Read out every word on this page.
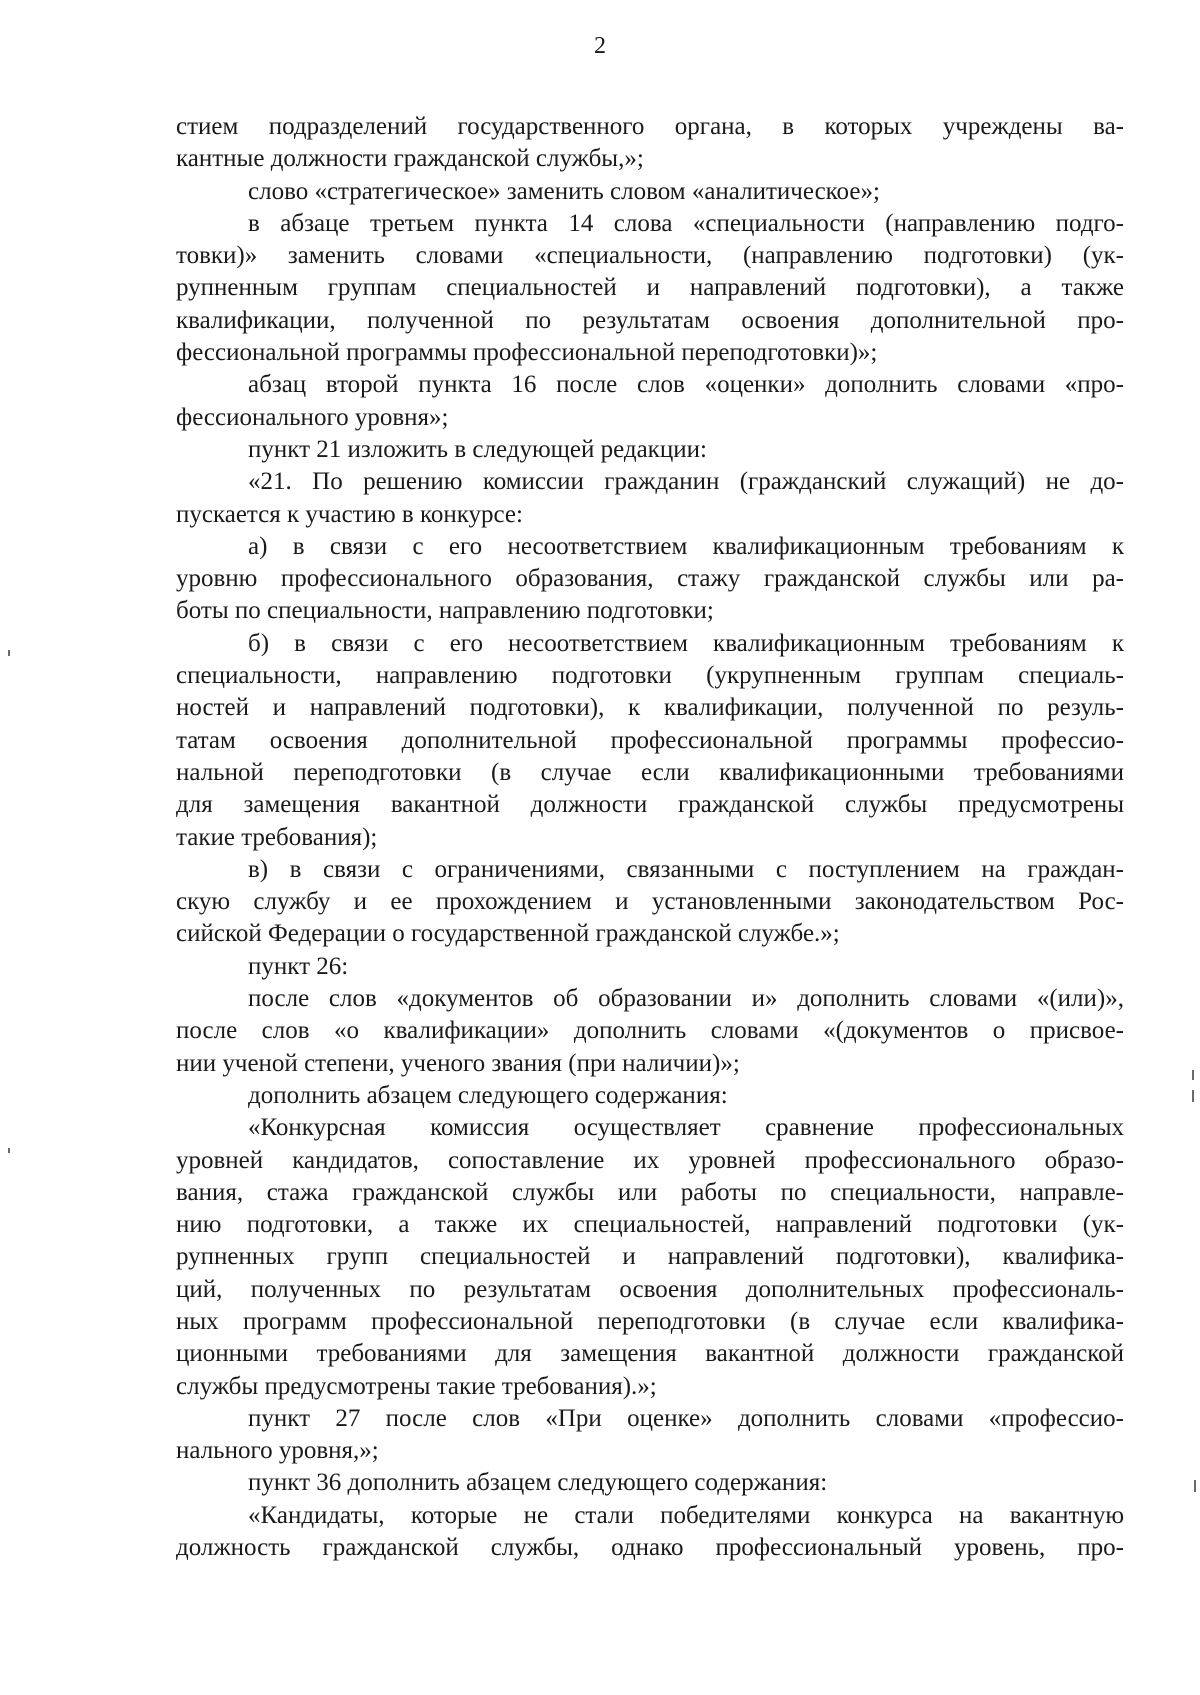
2
стием подразделений государственного органа, в которых учреждены ва-
кантные должности гражданской службы,»;
слово «стратегическое» заменить словом «аналитическое»;
в абзаце третьем пункта 14 слова «специальности (направлению подго-
товки)» заменить словами «специальности, (направлению подготовки) (ук-
рупненным группам специальностей и направлений подготовки), а также
квалификации, полученной по результатам освоения дополнительной про-
фессиональной программы профессиональной переподготовки)»;
абзац второй пункта 16 после слов «оценки» дополнить словами «про-
фессионального уровня»;
пункт 21 изложить в следующей редакции:
«21. По решению комиссии гражданин (гражданский служащий) не до-
пускается к участию в конкурсе:
а) в связи с его несоответствием квалификационным требованиям к
уровню профессионального образования, стажу гражданской службы или ра-
боты по специальности, направлению подготовки;
б) в связи с его несоответствием квалификационным требованиям к
специальности, направлению подготовки (укрупненным группам специаль-
ностей и направлений подготовки), к квалификации, полученной по резуль-
татам освоения дополнительной профессиональной программы профессио-
нальной переподготовки (в случае если квалификационными требованиями
для замещения вакантной должности гражданской службы предусмотрены
такие требования);
в) в связи с ограничениями, связанными с поступлением на граждан-
скую службу и ее прохождением и установленными законодательством Рос-
сийской Федерации о государственной гражданской службе.»;
пункт 26:
после слов «документов об образовании и» дополнить словами «(или)»,
после слов «о квалификации» дополнить словами «(документов о присвое-
нии ученой степени, ученого звания (при наличии)»;
дополнить абзацем следующего содержания:
«Конкурсная комиссия осуществляет сравнение профессиональных
уровней кандидатов, сопоставление их уровней профессионального образо-
вания, стажа гражданской службы или работы по специальности, направле-
нию подготовки, а также их специальностей, направлений подготовки (ук-
рупненных групп специальностей и направлений подготовки), квалифика-
ций, полученных по результатам освоения дополнительных профессиональ-
ных программ профессиональной переподготовки (в случае если квалифика-
ционными требованиями для замещения вакантной должности гражданской
службы предусмотрены такие требования).»;
пункт 27 после слов «При оценке» дополнить словами «профессио-
нального уровня,»;
пункт 36 дополнить абзацем следующего содержания:
«Кандидаты, которые не стали победителями конкурса на вакантную
должность гражданской службы, однако профессиональный уровень, про-
